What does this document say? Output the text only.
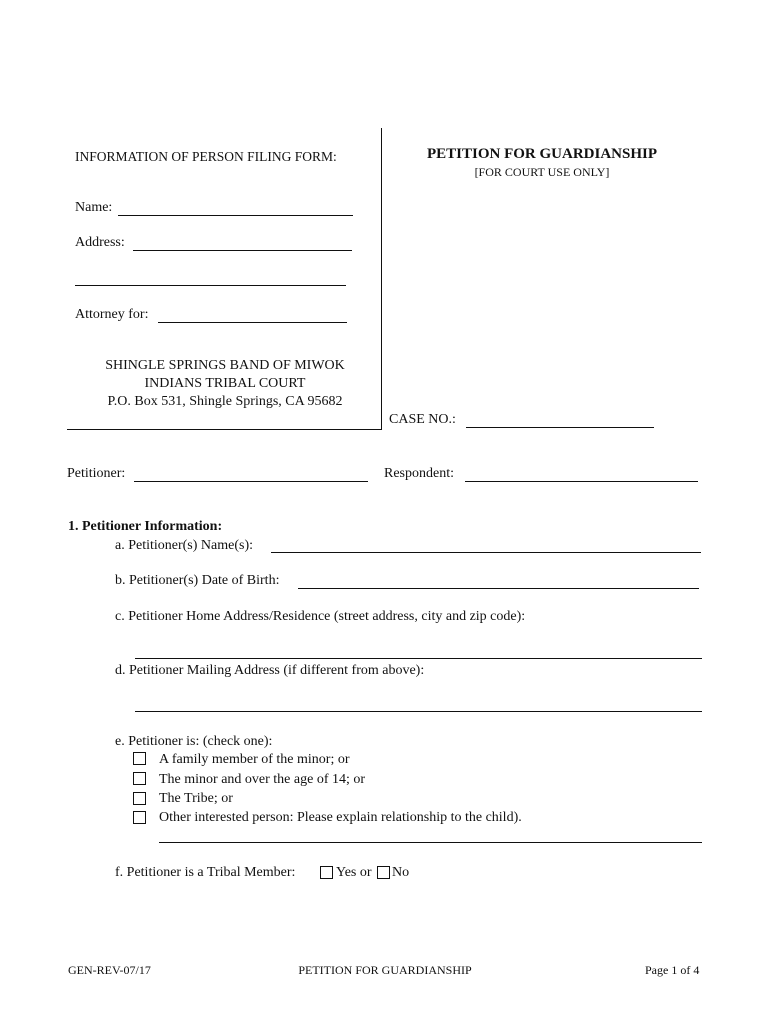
INFORMATION OF PERSON FILING FORM:
Name:
Address:
Attorney for:
SHINGLE SPRINGS BAND OF MIWOK
INDIANS TRIBAL COURT
P.O. Box 531, Shingle Springs, CA 95682
PETITION FOR GUARDIANSHIP
[FOR COURT USE ONLY]
CASE NO.:
Petitioner:	Respondent:
1. Petitioner Information:
a. Petitioner(s) Name(s):
b. Petitioner(s) Date of Birth:
c. Petitioner Home Address/Residence (street address, city and zip code):
d. Petitioner Mailing Address (if different from above):
e. Petitioner is: (check one):
A family member of the minor; or
The minor and over the age of 14; or
The Tribe; or
Other interested person: Please explain relationship to the child).
f. Petitioner is a Tribal Member:	Yes or No
GEN-REV-07/17	PETITION FOR GUARDIANSHIP	Page 1 of 4
